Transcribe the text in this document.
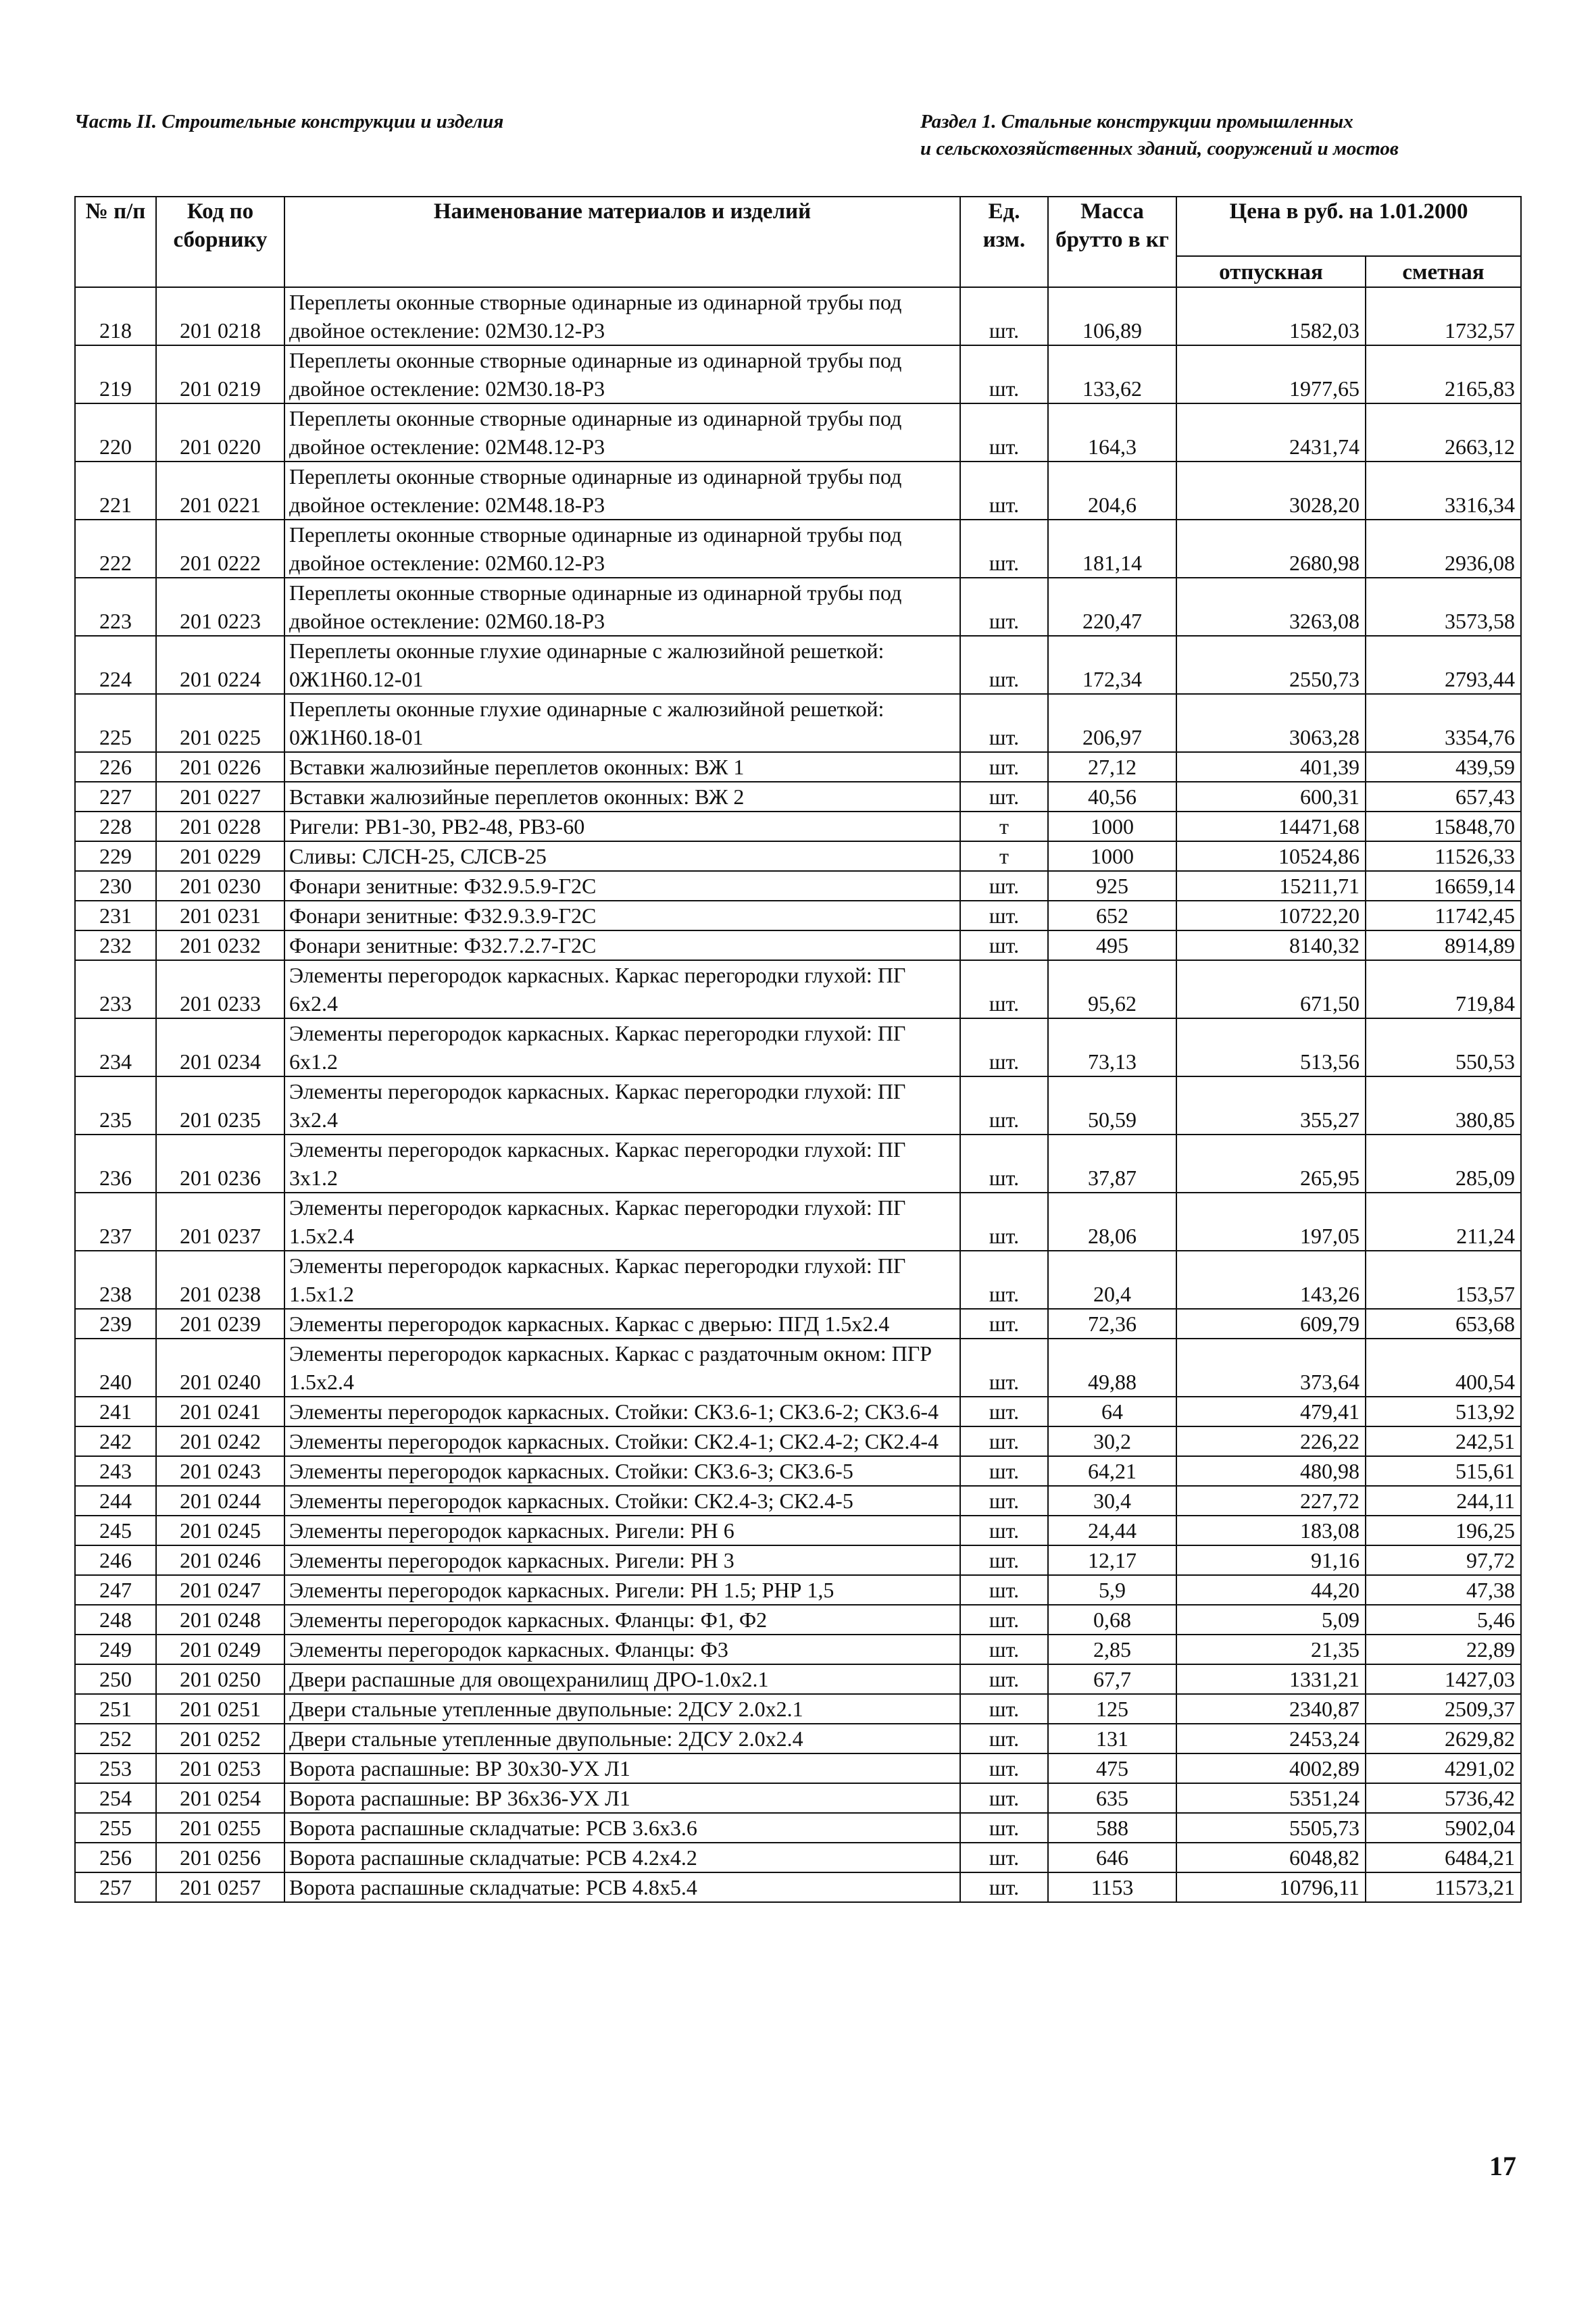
Часть II. Строительные конструкции и изделия	Раздел 1. Стальные конструкции промышленных
и сельскохозяйственных зданий, сооружений и мостов
№ п/п	Код по сборнику	Наименование материалов и изделий	Ед. изм.	Масса брутто в кг	Цена в руб. на 1.01.2000	
					отпускная	сметная
218	201 0218	Переплеты оконные створные одинарные из одинарной трубы под двойное остекление: 02М30.12-Р3	шт.	106,89	1582,03	1732,57
219	201 0219	Переплеты оконные створные одинарные из одинарной трубы под двойное остекление: 02М30.18-Р3	шт.	133,62	1977,65	2165,83
220	201 0220	Переплеты оконные створные одинарные из одинарной трубы под двойное остекление: 02М48.12-Р3	шт.	164,3	2431,74	2663,12
221	201 0221	Переплеты оконные створные одинарные из одинарной трубы под двойное остекление: 02М48.18-Р3	шт.	204,6	3028,20	3316,34
222	201 0222	Переплеты оконные створные одинарные из одинарной трубы под двойное остекление: 02М60.12-Р3	шт.	181,14	2680,98	2936,08
223	201 0223	Переплеты оконные створные одинарные из одинарной трубы под двойное остекление: 02М60.18-Р3	шт.	220,47	3263,08	3573,58
224	201 0224	Переплеты оконные глухие одинарные с жалюзийной решеткой: 0Ж1Н60.12-01	шт.	172,34	2550,73	2793,44
225	201 0225	Переплеты оконные глухие одинарные с жалюзийной решеткой: 0Ж1Н60.18-01	шт.	206,97	3063,28	3354,76
226	201 0226	Вставки жалюзийные переплетов оконных: ВЖ 1	шт.	27,12	401,39	439,59
227	201 0227	Вставки жалюзийные переплетов оконных: ВЖ 2	шт.	40,56	600,31	657,43
228	201 0228	Ригели: РВ1-30, РВ2-48, РВ3-60	т	1000	14471,68	15848,70
229	201 0229	Сливы: СЛСН-25, СЛСВ-25	т	1000	10524,86	11526,33
230	201 0230	Фонари зенитные: Ф32.9.5.9-Г2С	шт.	925	15211,71	16659,14
231	201 0231	Фонари зенитные: Ф32.9.3.9-Г2С	шт.	652	10722,20	11742,45
232	201 0232	Фонари зенитные: Ф32.7.2.7-Г2С	шт.	495	8140,32	8914,89
233	201 0233	Элементы перегородок каркасных. Каркас перегородки глухой: ПГ 6х2.4	шт.	95,62	671,50	719,84
234	201 0234	Элементы перегородок каркасных. Каркас перегородки глухой: ПГ 6х1.2	шт.	73,13	513,56	550,53
235	201 0235	Элементы перегородок каркасных. Каркас перегородки глухой: ПГ 3х2.4	шт.	50,59	355,27	380,85
236	201 0236	Элементы перегородок каркасных. Каркас перегородки глухой: ПГ 3х1.2	шт.	37,87	265,95	285,09
237	201 0237	Элементы перегородок каркасных. Каркас перегородки глухой: ПГ 1.5х2.4	шт.	28,06	197,05	211,24
238	201 0238	Элементы перегородок каркасных. Каркас перегородки глухой: ПГ 1.5х1.2	шт.	20,4	143,26	153,57
239	201 0239	Элементы перегородок каркасных. Каркас с дверью: ПГД 1.5х2.4	шт.	72,36	609,79	653,68
240	201 0240	Элементы перегородок каркасных. Каркас с раздаточным окном: ПГР 1.5х2.4	шт.	49,88	373,64	400,54
241	201 0241	Элементы перегородок каркасных. Стойки: СК3.6-1; СК3.6-2; СК3.6-4	шт.	64	479,41	513,92
242	201 0242	Элементы перегородок каркасных. Стойки: СК2.4-1; СК2.4-2; СК2.4-4	шт.	30,2	226,22	242,51
243	201 0243	Элементы перегородок каркасных. Стойки: СК3.6-3; СК3.6-5	шт.	64,21	480,98	515,61
244	201 0244	Элементы перегородок каркасных. Стойки: СК2.4-3; СК2.4-5	шт.	30,4	227,72	244,11
245	201 0245	Элементы перегородок каркасных. Ригели: РН 6	шт.	24,44	183,08	196,25
246	201 0246	Элементы перегородок каркасных. Ригели: РН 3	шт.	12,17	91,16	97,72
247	201 0247	Элементы перегородок каркасных. Ригели: РН 1.5; РНР 1,5	шт.	5,9	44,20	47,38
248	201 0248	Элементы перегородок каркасных. Фланцы: Ф1, Ф2	шт.	0,68	5,09	5,46
249	201 0249	Элементы перегородок каркасных. Фланцы: Ф3	шт.	2,85	21,35	22,89
250	201 0250	Двери распашные для овощехранилищ ДРО-1.0х2.1	шт.	67,7	1331,21	1427,03
251	201 0251	Двери стальные утепленные двупольные: 2ДСУ 2.0х2.1	шт.	125	2340,87	2509,37
252	201 0252	Двери стальные утепленные двупольные: 2ДСУ 2.0х2.4	шт.	131	2453,24	2629,82
253	201 0253	Ворота распашные: ВР 30х30-УХ Л1	шт.	475	4002,89	4291,02
254	201 0254	Ворота распашные: ВР 36х36-УХ Л1	шт.	635	5351,24	5736,42
255	201 0255	Ворота распашные складчатые: РСВ 3.6х3.6	шт.	588	5505,73	5902,04
256	201 0256	Ворота распашные складчатые: РСВ 4.2х4.2	шт.	646	6048,82	6484,21
257	201 0257	Ворота распашные складчатые: РСВ 4.8х5.4	шт.	1153	10796,11	11573,21
17
